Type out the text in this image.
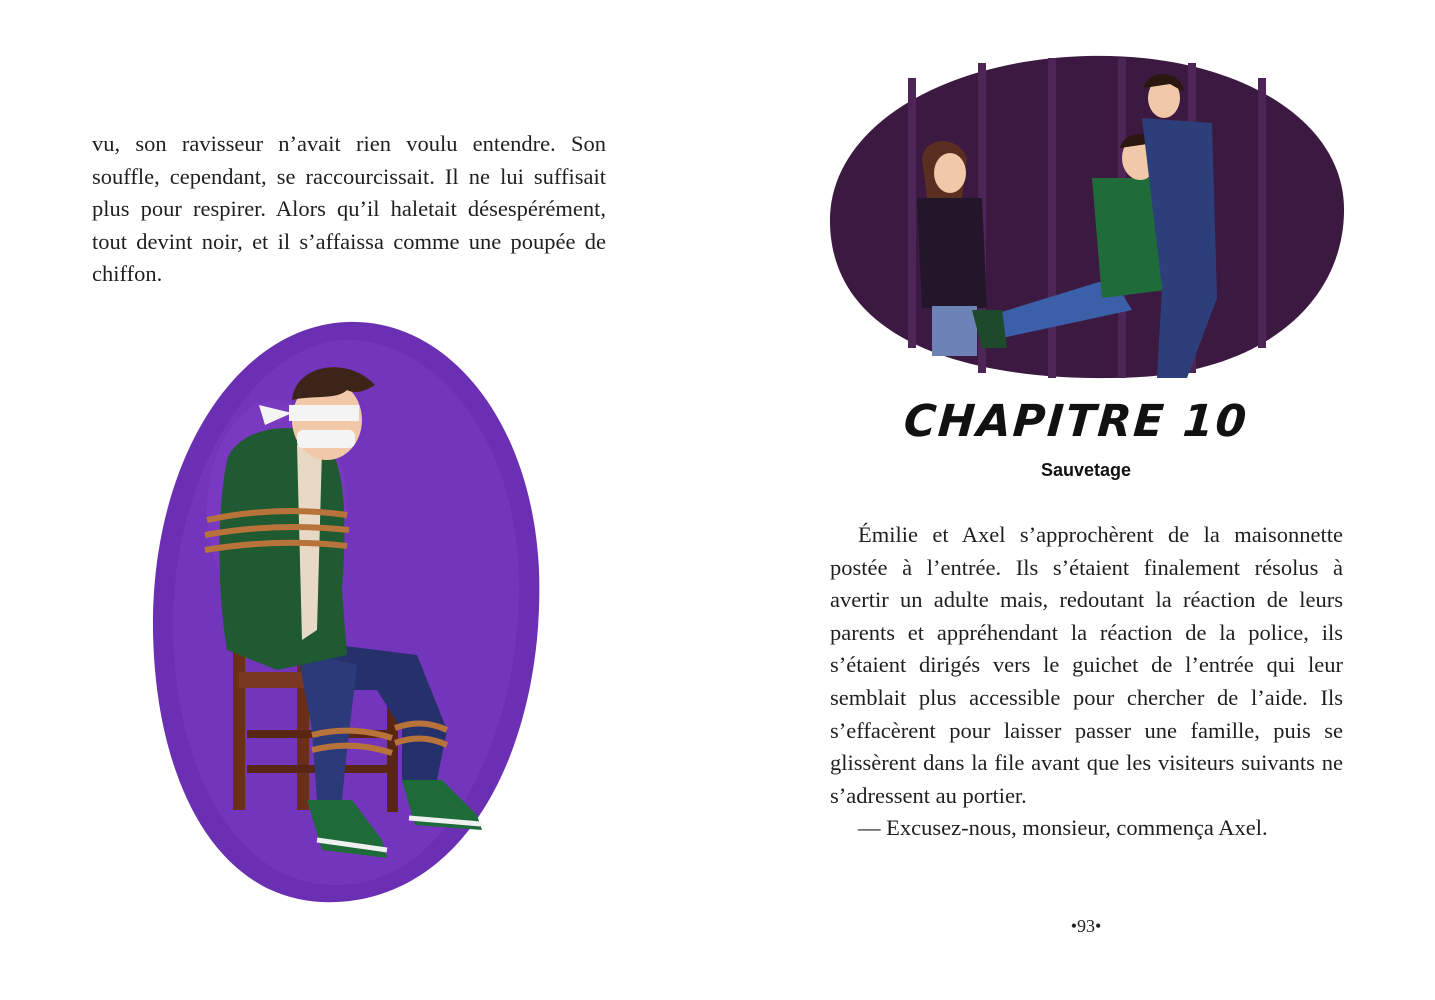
vu, son ravisseur n’avait rien voulu entendre. Son souffle, cependant, se raccourcissait. Il ne lui suffisait plus pour respirer. Alors qu’il haletait désespérément, tout devint noir, et il s’affaissa comme une poupée de chiffon.
CHAPITRE 10
Sauvetage

Émilie et Axel s’approchèrent de la maisonnette postée à l’entrée. Ils s’étaient finalement résolus à avertir un adulte mais, redoutant la réaction de leurs parents et appréhendant la réaction de la police, ils s’étaient dirigés vers le guichet de l’entrée qui leur semblait plus accessible pour chercher de l’aide. Ils s’effacèrent pour laisser passer une famille, puis se glissèrent dans la file avant que les visiteurs suivants ne s’adressent au portier.

— Excusez-nous, monsieur, commença Axel.

•93•
